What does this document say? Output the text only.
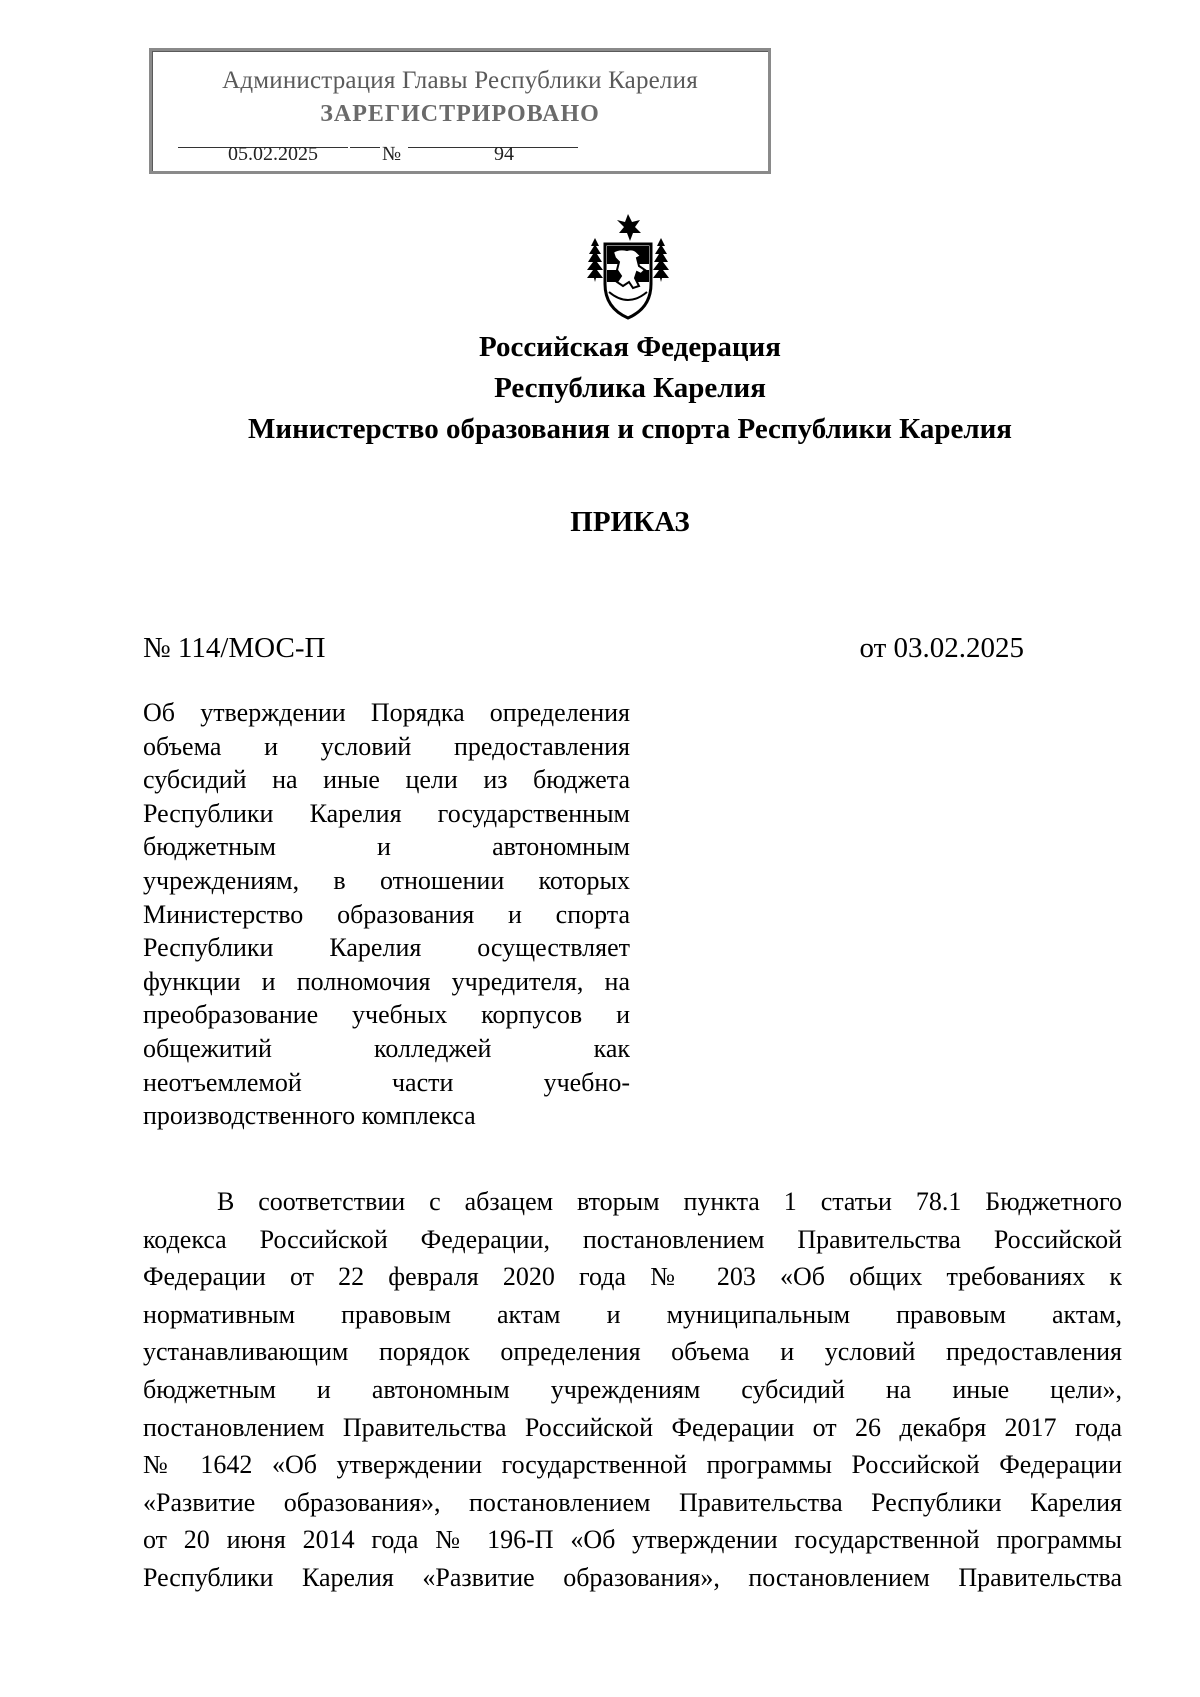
Администрация Главы Республики Карелия
ЗАРЕГИСТРИРОВАНО
05.02.2025	№	94
Российская Федерация
Республика Карелия
Министерство образования и спорта Республики Карелия
ПРИКАЗ
№ 114/МОС-П	от 03.02.2025
Об утверждении Порядка определения
объема и условий предоставления
субсидий на иные цели из бюджета
Республики Карелия государственным
бюджетным и автономным
учреждениям, в отношении которых
Министерство образования и спорта
Республики Карелия осуществляет
функции и полномочия учредителя, на
преобразование учебных корпусов и
общежитий колледжей как
неотъемлемой части учебно-
производственного комплекса
В соответствии с абзацем вторым пункта 1 статьи 78.1 Бюджетного
кодекса Российской Федерации, постановлением Правительства Российской
Федерации от 22 февраля 2020 года № 203 «Об общих требованиях к
нормативным правовым актам и муниципальным правовым актам,
устанавливающим порядок определения объема и условий предоставления
бюджетным и автономным учреждениям субсидий на иные цели»,
постановлением Правительства Российской Федерации от 26 декабря 2017 года
№ 1642 «Об утверждении государственной программы Российской Федерации
«Развитие образования», постановлением Правительства Республики Карелия
от 20 июня 2014 года № 196-П «Об утверждении государственной программы
Республики Карелия «Развитие образования», постановлением Правительства
